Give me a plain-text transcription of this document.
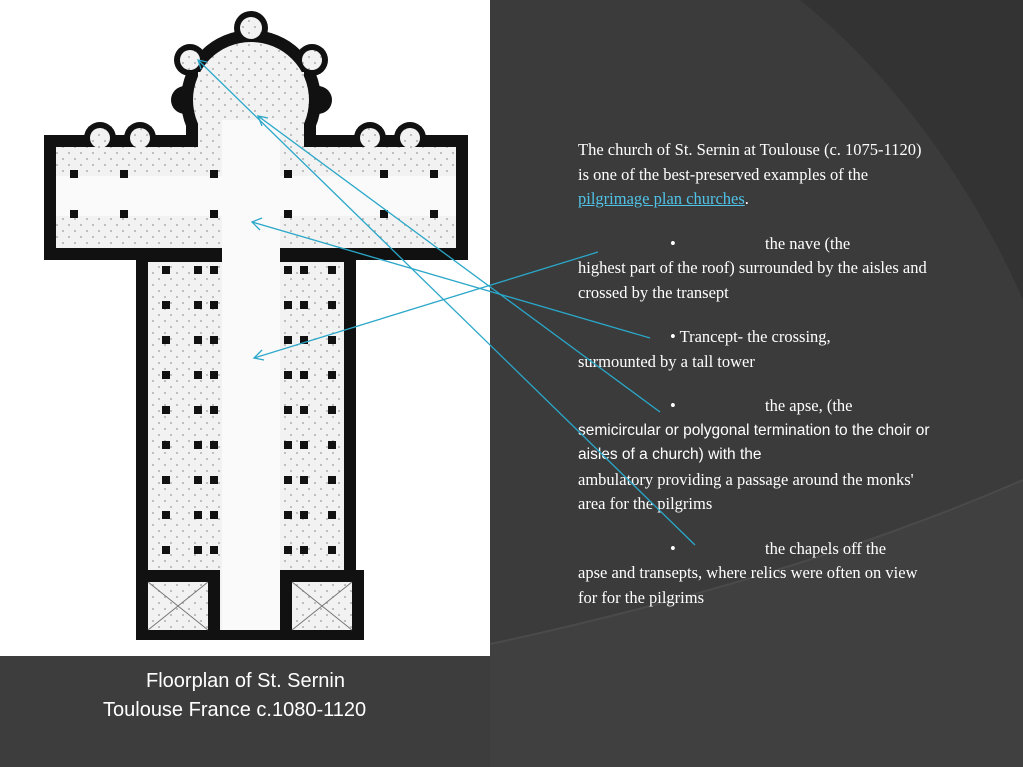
Floorplan of St. Sernin
Toulouse France c.1080-1120

The church of St. Sernin at Toulouse (c. 1075-1120) is one of the best-preserved examples of the pilgrimage plan churches.

•	the nave (the
highest part of the roof) surrounded by the aisles and crossed by the transept
• Trancept- the crossing,
surmounted by a tall tower
•	the apse, (the
semicircular or polygonal termination to the choir or aisles of a church) with the
ambulatory providing a passage around the monks' area for the pilgrims
•	the chapels off the
apse and transepts, where relics were often on view for for the pilgrims
